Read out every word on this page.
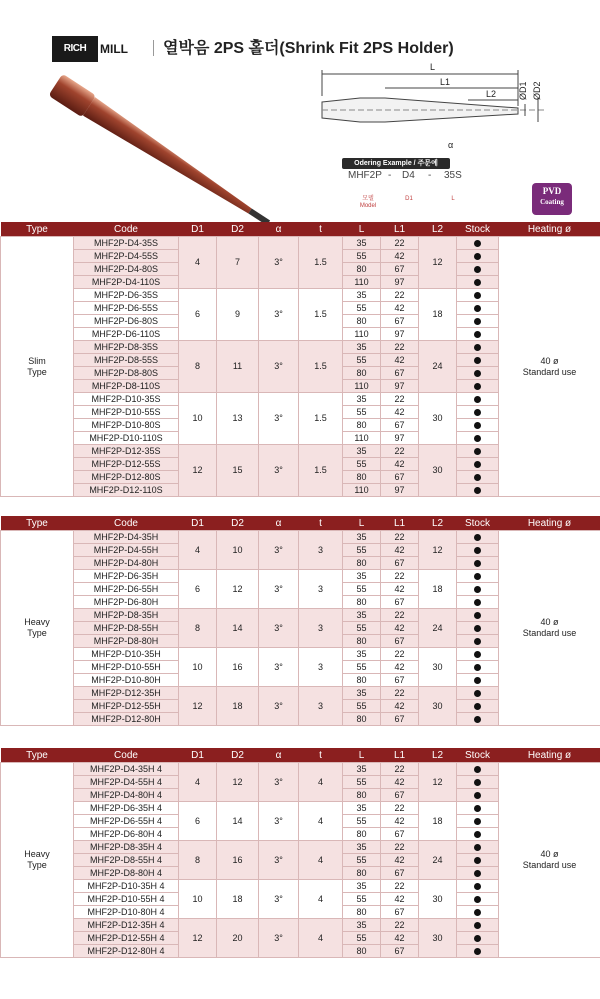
RICH	MILL 열박음 2PS 홀더(Shrink Fit 2PS Holder)
L
L1
L2 ØD1 ØD2
α
Odering Example / 주문예
MHF2P - D4 - 35S
모델
Model
D1	L
PVD
Coating
Type	Code	D1	D2	α	t	L	L1	L2	Stock	Heating ø
Slim
Type	MHF2P-D4-35S	4	7	3°	1.5	35	22	12		40 ø
Standard use
	MHF2P-D4-55S					55	42			
	MHF2P-D4-80S					80	67			
	MHF2P-D4-110S					110	97			
	MHF2P-D6-35S	6	9	3°	1.5	35	22	18		
	MHF2P-D6-55S					55	42			
	MHF2P-D6-80S					80	67			
	MHF2P-D6-110S					110	97			
	MHF2P-D8-35S	8	11	3°	1.5	35	22	24		
	MHF2P-D8-55S					55	42			
	MHF2P-D8-80S					80	67			
	MHF2P-D8-110S					110	97			
	MHF2P-D10-35S	10	13	3°	1.5	35	22	30		
	MHF2P-D10-55S					55	42			
	MHF2P-D10-80S					80	67			
	MHF2P-D10-110S					110	97			
	MHF2P-D12-35S	12	15	3°	1.5	35	22	30		
	MHF2P-D12-55S					55	42			
	MHF2P-D12-80S					80	67			
	MHF2P-D12-110S					110	97			
Type	Code	D1	D2	α	t	L	L1	L2	Stock	Heating ø
Heavy
Type	MHF2P-D4-35H	4	10	3°	3	35	22	12		40 ø
Standard use
	MHF2P-D4-55H					55	42			
	MHF2P-D4-80H					80	67			
	MHF2P-D6-35H	6	12	3°	3	35	22	18		
	MHF2P-D6-55H					55	42			
	MHF2P-D6-80H					80	67			
	MHF2P-D8-35H	8	14	3°	3	35	22	24		
	MHF2P-D8-55H					55	42			
	MHF2P-D8-80H					80	67			
	MHF2P-D10-35H	10	16	3°	3	35	22	30		
	MHF2P-D10-55H					55	42			
	MHF2P-D10-80H					80	67			
	MHF2P-D12-35H	12	18	3°	3	35	22	30		
	MHF2P-D12-55H					55	42			
	MHF2P-D12-80H					80	67			
Type	Code	D1	D2	α	t	L	L1	L2	Stock	Heating ø
Heavy
Type	MHF2P-D4-35H 4	4	12	3°	4	35	22	12		40 ø
Standard use
	MHF2P-D4-55H 4					55	42			
	MHF2P-D4-80H 4					80	67			
	MHF2P-D6-35H 4	6	14	3°	4	35	22	18		
	MHF2P-D6-55H 4					55	42			
	MHF2P-D6-80H 4					80	67			
	MHF2P-D8-35H 4	8	16	3°	4	35	22	24		
	MHF2P-D8-55H 4					55	42			
	MHF2P-D8-80H 4					80	67			
	MHF2P-D10-35H 4	10	18	3°	4	35	22	30		
	MHF2P-D10-55H 4					55	42			
	MHF2P-D10-80H 4					80	67			
	MHF2P-D12-35H 4	12	20	3°	4	35	22	30		
	MHF2P-D12-55H 4					55	42			
	MHF2P-D12-80H 4					80	67			
